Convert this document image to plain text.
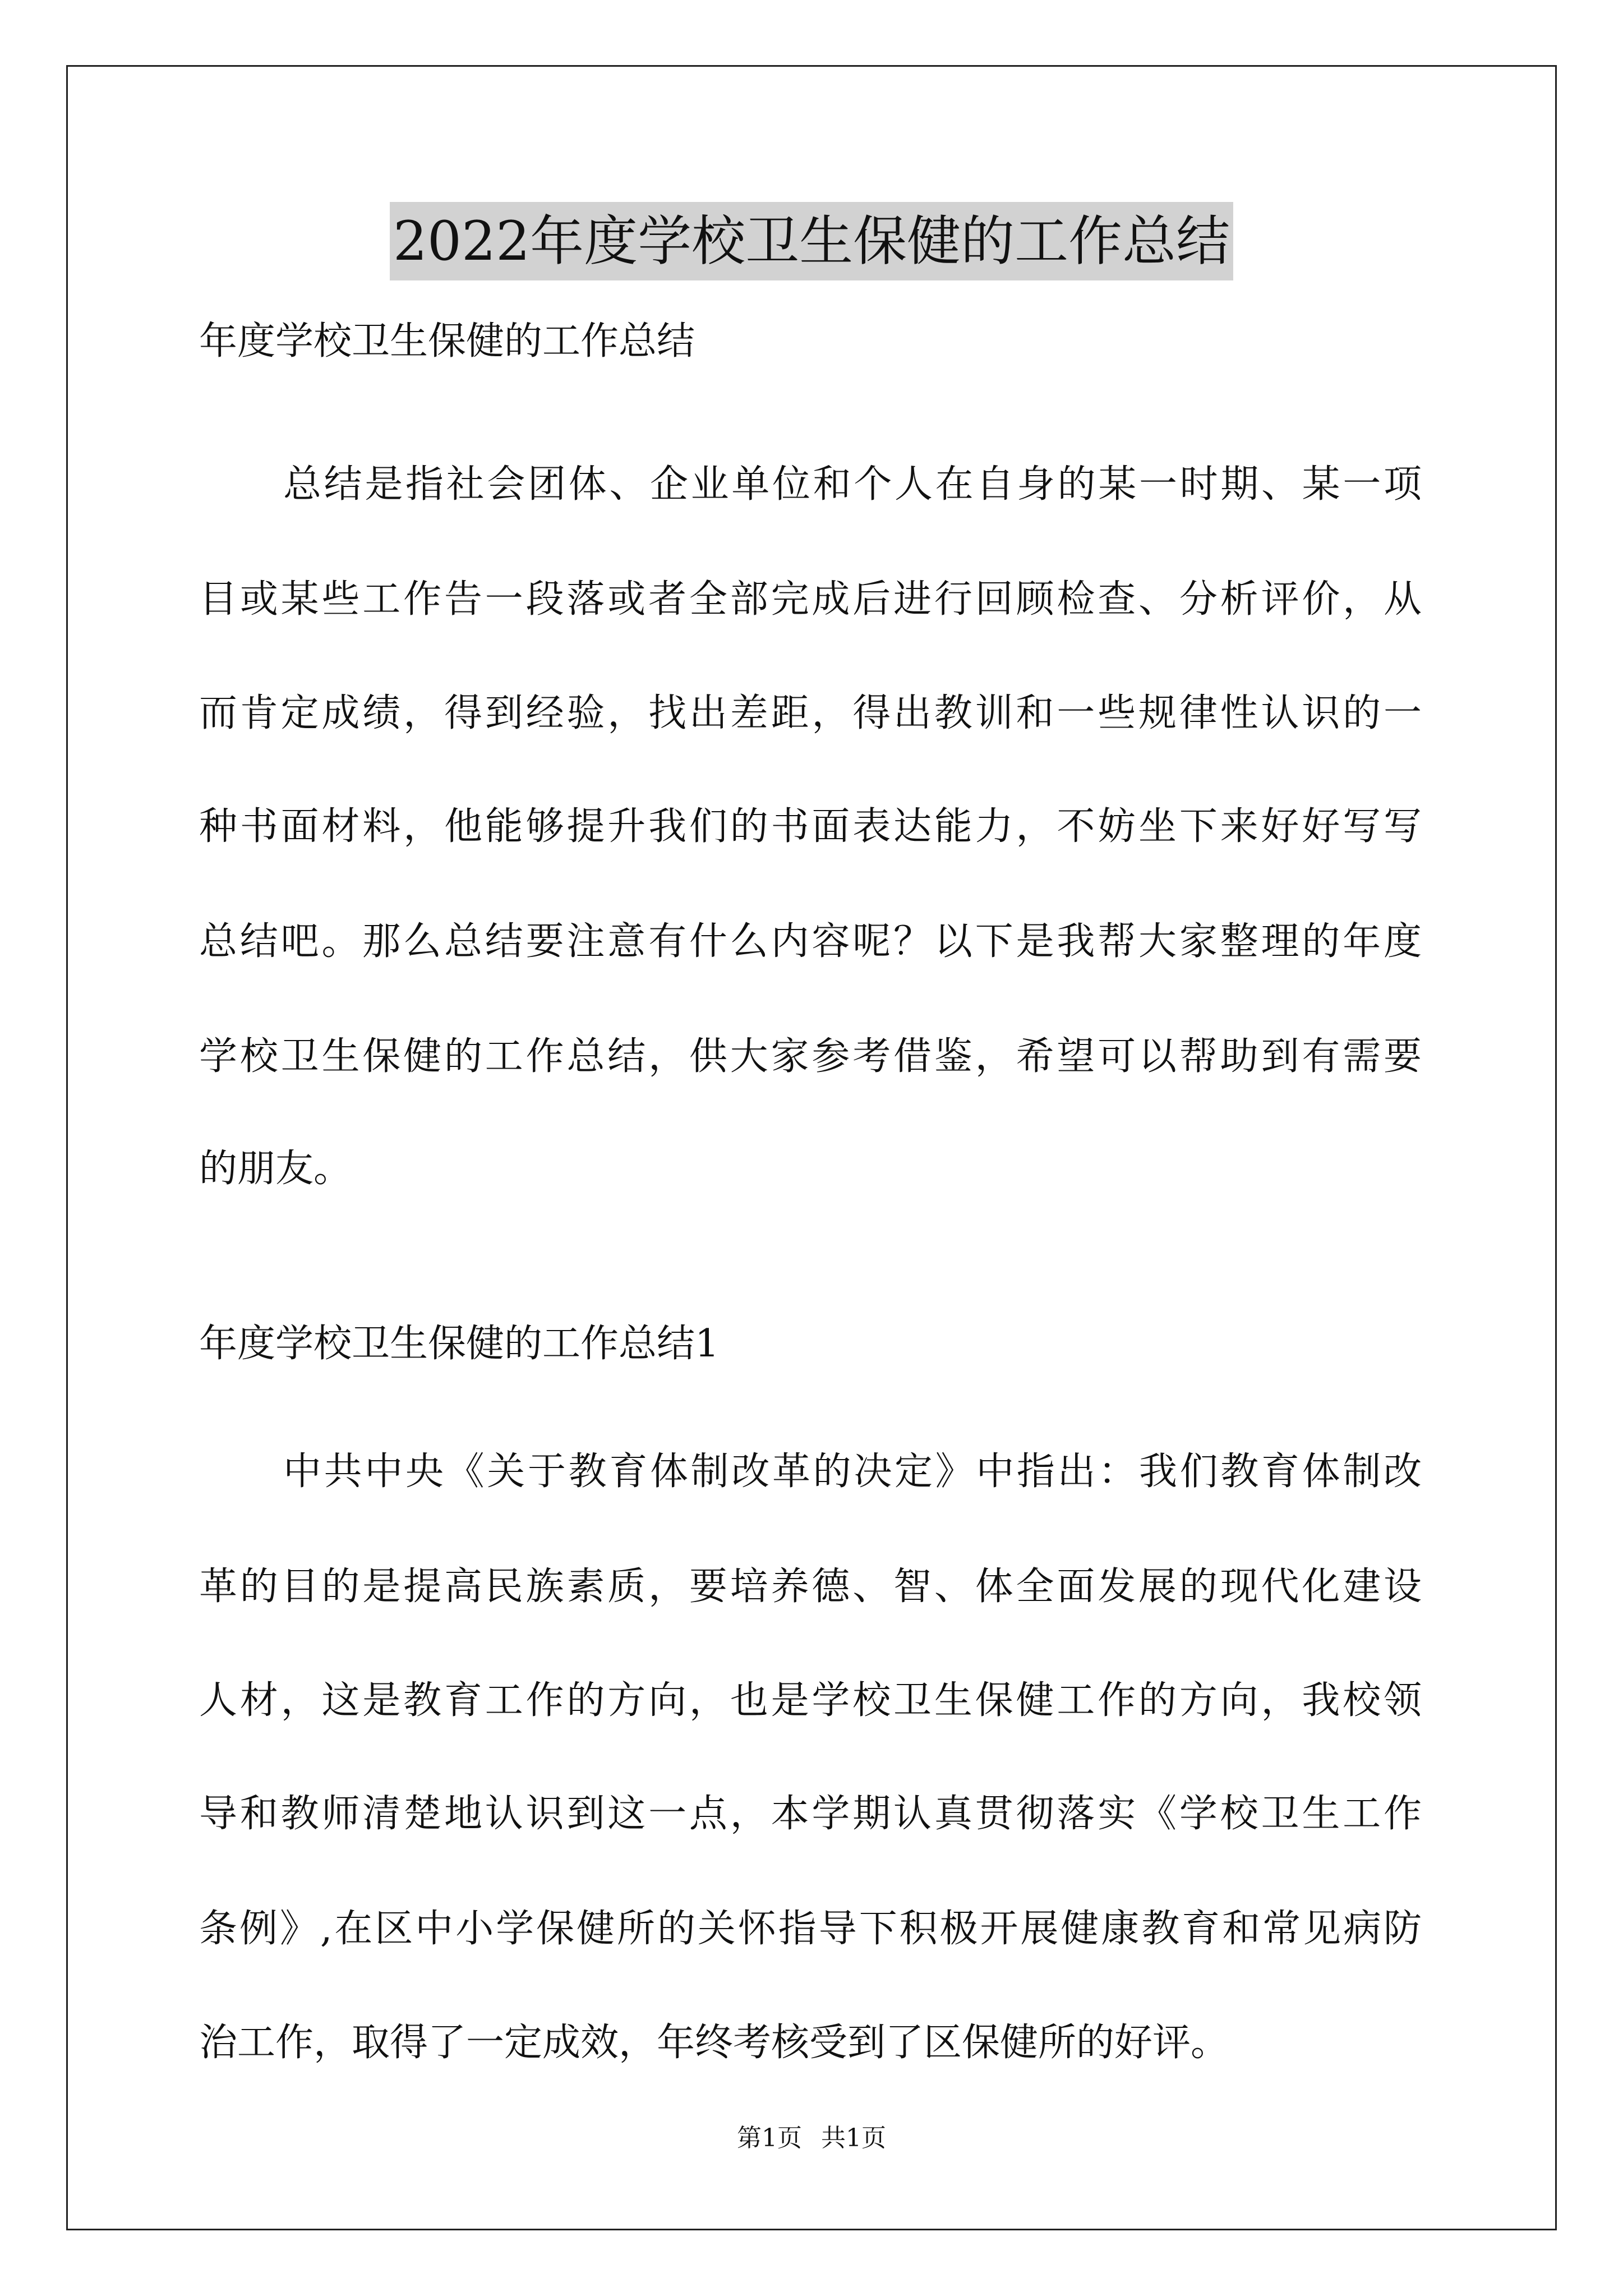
2022年度学校卫生保健的工作总结
年度学校卫生保健的工作总结
总结是指社会团体、企业单位和个人在自身的某一时期、某一项
目或某些工作告一段落或者全部完成后进行回顾检查、分析评价，从
而肯定成绩，得到经验，找出差距，得出教训和一些规律性认识的一
种书面材料，他能够提升我们的书面表达能力，不妨坐下来好好写写
总结吧。那么总结要注意有什么内容呢？以下是我帮大家整理的年度
学校卫生保健的工作总结，供大家参考借鉴，希望可以帮助到有需要
的朋友。
年度学校卫生保健的工作总结1
中共中央《关于教育体制改革的决定》中指出：我们教育体制改
革的目的是提高民族素质，要培养德、智、体全面发展的现代化建设
人材，这是教育工作的方向，也是学校卫生保健工作的方向，我校领
导和教师清楚地认识到这一点，本学期认真贯彻落实《学校卫生工作
条例》,在区中小学保健所的关怀指导下积极开展健康教育和常见病防
治工作，取得了一定成效，年终考核受到了区保健所的好评。
第1页 共1页
